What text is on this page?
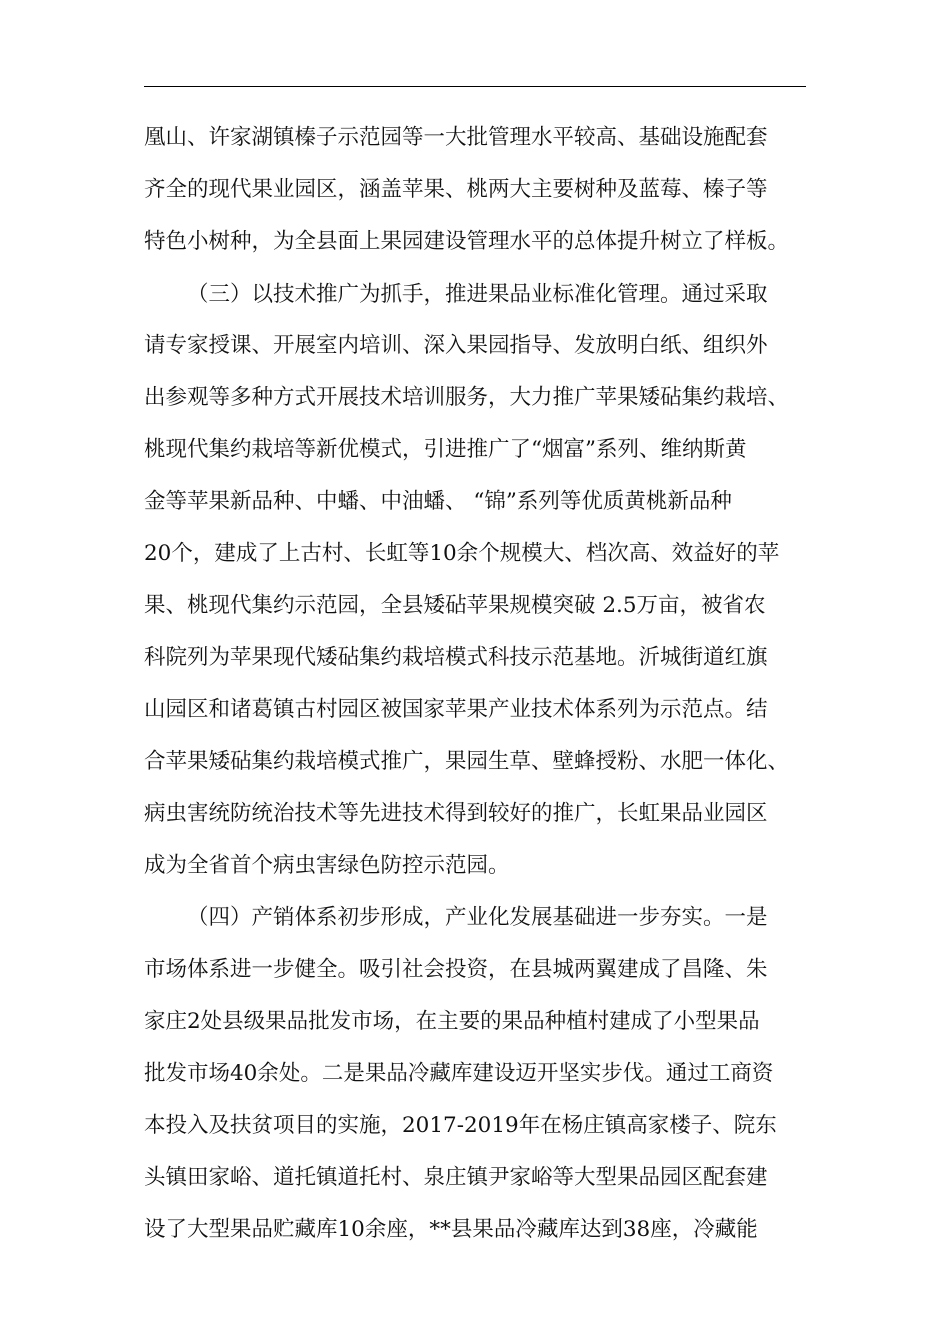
凰山、许家湖镇榛子示范园等一大批管理水平较高、基础设施配套
齐全的现代果业园区，涵盖苹果、桃两大主要树种及蓝莓、榛子等
特色小树种，为全县面上果园建设管理水平的总体提升树立了样板。
（三）以技术推广为抓手，推进果品业标准化管理。通过采取
请专家授课、开展室内培训、深入果园指导、发放明白纸、组织外
出参观等多种方式开展技术培训服务，大力推广苹果矮砧集约栽培、
桃现代集约栽培等新优模式，引进推广了“烟富”系列、维纳斯黄
金等苹果新品种、中蟠、中油蟠、 “锦”系列等优质黄桃新品种
20个，建成了上古村、长虹等10余个规模大、档次高、效益好的苹
果、桃现代集约示范园，全县矮砧苹果规模突破 2.5万亩，被省农
科院列为苹果现代矮砧集约栽培模式科技示范基地。沂城街道红旗
山园区和诸葛镇古村园区被国家苹果产业技术体系列为示范点。结
合苹果矮砧集约栽培模式推广，果园生草、壁蜂授粉、水肥一体化、
病虫害统防统治技术等先进技术得到较好的推广，长虹果品业园区
成为全省首个病虫害绿色防控示范园。
（四）产销体系初步形成，产业化发展基础进一步夯实。一是
市场体系进一步健全。吸引社会投资，在县城两翼建成了昌隆、朱
家庄2处县级果品批发市场，在主要的果品种植村建成了小型果品
批发市场40余处。二是果品冷藏库建设迈开坚实步伐。通过工商资
本投入及扶贫项目的实施，2017-2019年在杨庄镇高家楼子、院东
头镇田家峪、道托镇道托村、泉庄镇尹家峪等大型果品园区配套建
设了大型果品贮藏库10余座，**县果品冷藏库达到38座，冷藏能
